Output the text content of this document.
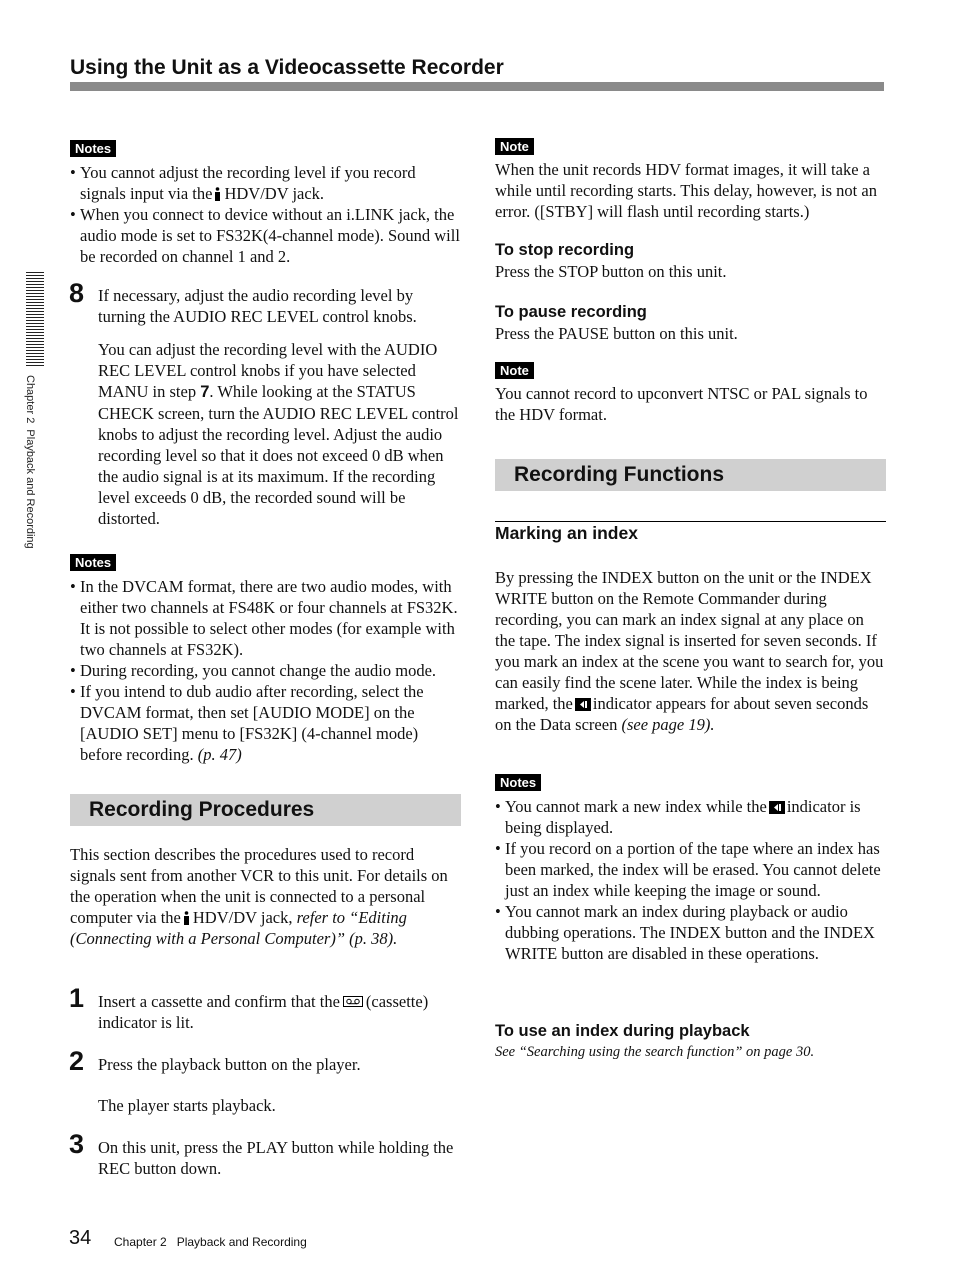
Using the Unit as a Videocassette Recorder
Chapter 2  Playback and Recording
Notes
• You cannot adjust the recording level if you record signals input via the HDV/DV jack.
• When you connect to device without an i.LINK jack, the audio mode is set to FS32K(4-channel mode). Sound will be recorded on channel 1 and 2.
8 If necessary, adjust the audio recording level by turning the AUDIO REC LEVEL control knobs.
You can adjust the recording level with the AUDIO REC LEVEL control knobs if you have selected MANU in step 7. While looking at the STATUS CHECK screen, turn the AUDIO REC LEVEL control knobs to adjust the recording level. Adjust the audio recording level so that it does not exceed 0 dB when the audio signal is at its maximum. If the recording level exceeds 0 dB, the recorded sound will be distorted.
Notes
• In the DVCAM format, there are two audio modes, with either two channels at FS48K or four channels at FS32K. It is not possible to select other modes (for example with two channels at FS32K).
• During recording, you cannot change the audio mode.
• If you intend to dub audio after recording, select the DVCAM format, then set [AUDIO MODE] on the [AUDIO SET] menu to [FS32K] (4-channel mode) before recording. (p. 47)
Recording Procedures
This section describes the procedures used to record signals sent from another VCR to this unit. For details on the operation when the unit is connected to a personal computer via the HDV/DV jack, refer to “Editing (Connecting with a Personal Computer)” (p. 38).
1 Insert a cassette and confirm that the (cassette) indicator is lit.
2 Press the playback button on the player.
The player starts playback.
3 On this unit, press the PLAY button while holding the REC button down.
Note
When the unit records HDV format images, it will take a while until recording starts. This delay, however, is not an error. ([STBY] will flash until recording starts.)
To stop recording
Press the STOP button on this unit.
To pause recording
Press the PAUSE button on this unit.
Note
You cannot record to upconvert NTSC or PAL signals to the HDV format.
Recording Functions
Marking an index
By pressing the INDEX button on the unit or the INDEX WRITE button on the Remote Commander during recording, you can mark an index signal at any place on the tape. The index signal is inserted for seven seconds. If you mark an index at the scene you want to search for, you can easily find the scene later. While the index is being marked, the indicator appears for about seven seconds on the Data screen (see page 19).
Notes
• You cannot mark a new index while the indicator is being displayed.
• If you record on a portion of the tape where an index has been marked, the index will be erased. You cannot delete just an index while keeping the image or sound.
• You cannot mark an index during playback or audio dubbing operations. The INDEX button and the INDEX WRITE button are disabled in these operations.
To use an index during playback
See “Searching using the search function” on page 30.
34 Chapter 2   Playback and Recording
